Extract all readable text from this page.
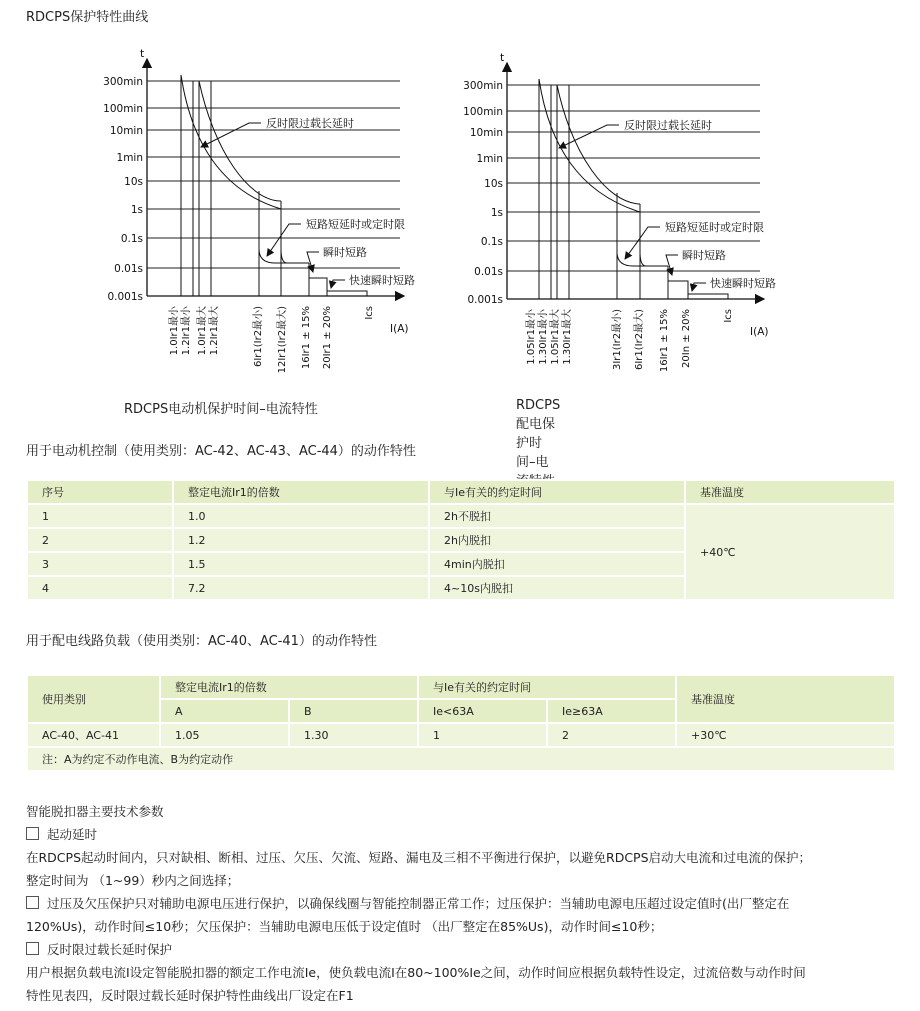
RDCPS保护特性曲线
t
300min
100min
10min
1min
10s
1s
0.1s
0.01s
0.001s
反时限过载长延时
短路短延时或定时限
瞬时短路
快速瞬时短路
1.0Ir1最小 1.2Ir1最小 1.0Ir1最大 1.2Ir1最大	6Ir1(Ir2最小) 12Ir1(Ir2最大) 16Ir1 ± 15% 20Ir1 ± 20%	Ics
I(A)
RDCPS电动机保护时间–电流特性
t
300min
100min
10min
1min
10s
1s
0.1s
0.01s
0.001s
反时限过载长延时
短路短延时或定时限
瞬时短路
快速瞬时短路
1.05Ir1最小 1.30Ir1最小 1.05Ir1最大 1.30Ir1最大	3Ir1(Ir2最小) 6Ir1(Ir2最大) 16Ir1 ± 15% 20In ± 20%	Ics
I(A)
RDCPS配电保护时间–电
用于电动机控制（使用类别：AC-42、AC-43、AC-44）的动作特性
序号	整定电流Ir1的倍数	与Ie有关的约定时间	基准温度
1	1.0	2h不脱扣	+40℃
2	1.2	2h内脱扣	
3	1.5	4min内脱扣	
4	7.2	4~10s内脱扣	
用于配电线路负载（使用类别：AC-40、AC-41）的动作特性
使用类别	整定电流Ir1的倍数		与Ie有关的约定时间		基准温度
	A	B	Ie<63A	Ie≥63A	
AC-40、AC-41	1.05	1.30	1	2	+30℃
注：A为约定不动作电流、B为约定动作					
智能脱扣器主要技术参数
起动延时
在RDCPS起动时间内，只对缺相、断相、过压、欠压、欠流、短路、漏电及三相不平衡进行保护，以避免RDCPS启动大电流和过电流的保护；
整定时间为 （1~99）秒内之间选择；
过压及欠压保护只对辅助电源电压进行保护，以确保线圈与智能控制器正常工作；过压保护：当辅助电源电压超过设定值时(出厂整定在
120%Us)，动作时间≤10秒；欠压保护：当辅助电源电压低于设定值时 （出厂整定在85%Us)，动作时间≤10秒；
反时限过载长延时保护
用户根据负载电流I设定智能脱扣器的额定工作电流Ie，使负载电流I在80~100%Ie之间，动作时间应根据负载特性设定，过流倍数与动作时间
特性见表四，反时限过载长延时保护特性曲线出厂设定在F1
